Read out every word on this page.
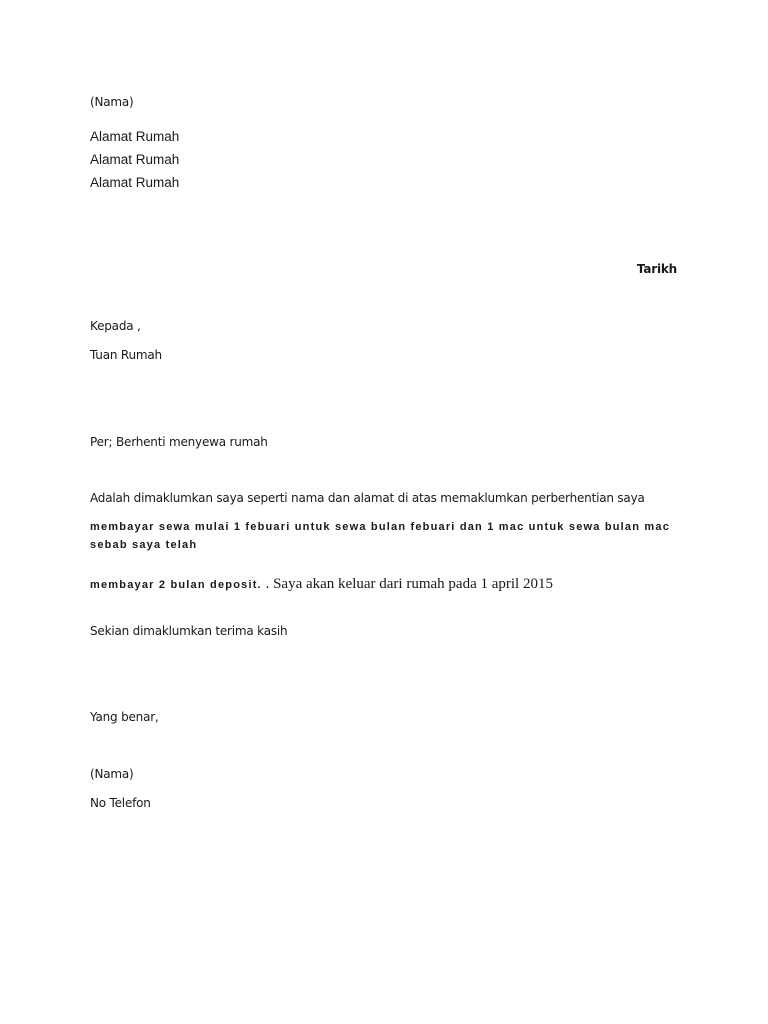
(Nama)
Alamat Rumah
Alamat Rumah
Alamat Rumah
Tarikh
Kepada ,
Tuan Rumah
Per; Berhenti menyewa rumah
Adalah dimaklumkan saya seperti nama dan alamat di atas memaklumkan perberhentian saya
membayar sewa mulai 1 febuari untuk sewa bulan febuari dan 1 mac untuk sewa bulan mac
sebab saya telah
membayar 2 bulan deposit. . Saya akan keluar dari rumah pada 1 april 2015
Sekian dimaklumkan terima kasih
Yang benar,
(Nama)
No Telefon
